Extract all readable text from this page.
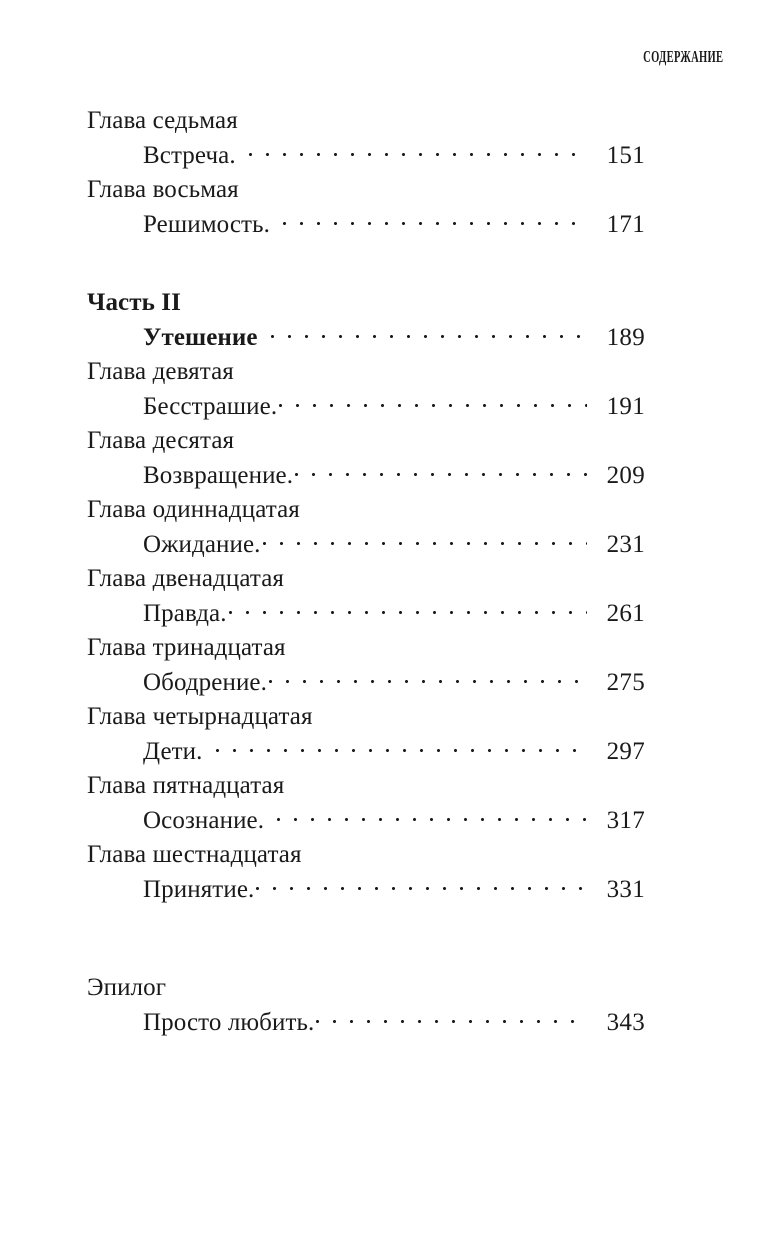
СОДЕРЖАНИЕ
Глава седьмая
Встреча.	151
Глава восьмая
Решимость.	171
Часть II
Утешение	189
Глава девятая
Бесстрашие.	191
Глава десятая
Возвращение.	209
Глава одиннадцатая
Ожидание.	231
Глава двенадцатая
Правда.	261
Глава тринадцатая
Ободрение.	275
Глава четырнадцатая
Дети.	297
Глава пятнадцатая
Осознание.	317
Глава шестнадцатая
Принятие.	331
Эпилог
Просто любить.	343
